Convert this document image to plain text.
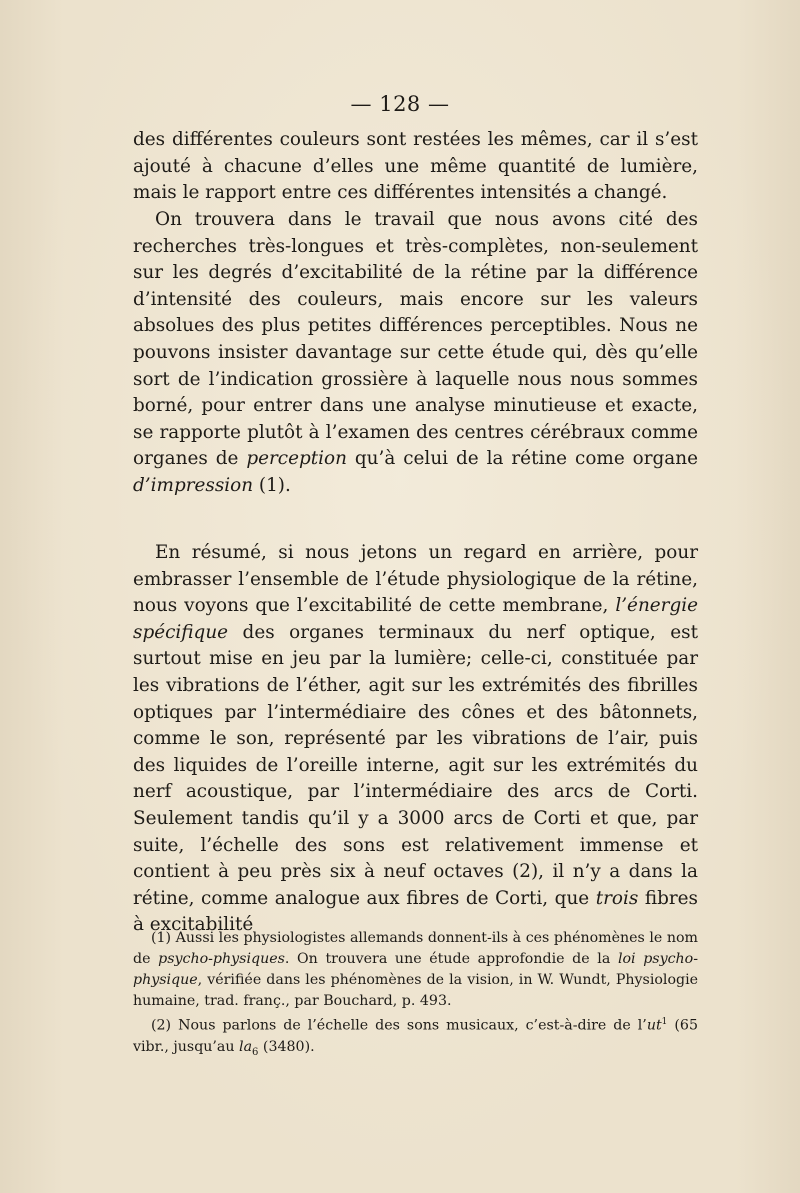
— 128 —

des différentes couleurs sont restées les mêmes, car il s’est ajouté à chacune d’elles une même quantité de lumière, mais le rapport entre ces différentes intensités a changé.

On trouvera dans le travail que nous avons cité des recherches très-longues et très-complètes, non-seulement sur les degrés d’excitabilité de la rétine par la différence d’intensité des couleurs, mais encore sur les valeurs absolues des plus petites différences perceptibles. Nous ne pouvons insister davantage sur cette étude qui, dès qu’elle sort de l’indication grossière à laquelle nous nous sommes borné, pour entrer dans une analyse minutieuse et exacte, se rapporte plutôt à l’examen des centres cérébraux comme organes de perception qu’à celui de la rétine come organe d’impression (1).

En résumé, si nous jetons un regard en arrière, pour embrasser l’ensemble de l’étude physiologique de la rétine, nous voyons que l’excitabilité de cette membrane, l’énergie spécifique des organes terminaux du nerf optique, est surtout mise en jeu par la lumière; celle-ci, constituée par les vibrations de l’éther, agit sur les extrémités des fibrilles optiques par l’intermédiaire des cônes et des bâtonnets, comme le son, représenté par les vibrations de l’air, puis des liquides de l’oreille interne, agit sur les extrémités du nerf acoustique, par l’intermédiaire des arcs de Corti. Seulement tandis qu’il y a 3000 arcs de Corti et que, par suite, l’échelle des sons est relativement immense et contient à peu près six à neuf octaves (2), il n’y a dans la rétine, comme analogue aux fibres de Corti, que trois fibres à excitabilité

(1) Aussi les physiologistes allemands donnent-ils à ces phénomènes le nom de psycho-physiques. On trouvera une étude approfondie de la loi psycho-physique, vérifiée dans les phénomènes de la vision, in W. Wundt, Physiologie humaine, trad. franç., par Bouchard, p. 493.

(2) Nous parlons de l’échelle des sons musicaux, c’est-à-dire de $l’ut^1$ (65 vibr., jusqu’au $la_6$ (3480).
